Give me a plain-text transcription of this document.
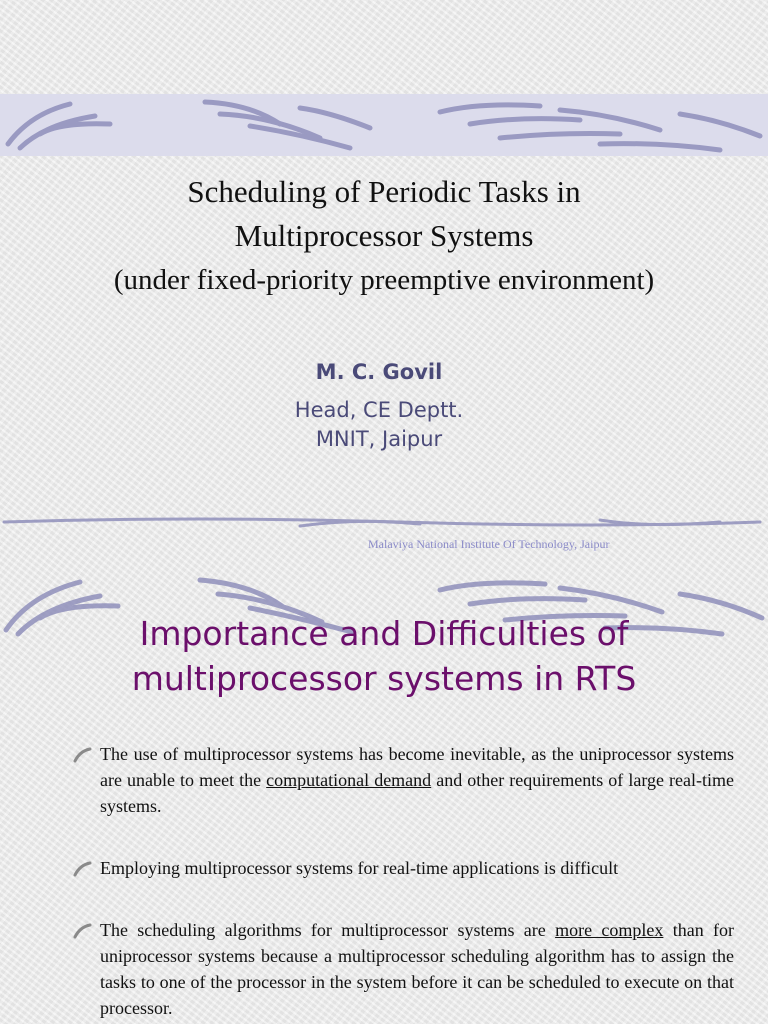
Scheduling of Periodic Tasks in
Multiprocessor Systems
(under fixed-priority preemptive environment)
M. C. Govil
Head, CE Deptt.
MNIT, Jaipur
Malaviya National Institute Of Technology, Jaipur
Importance and Difficulties of
multiprocessor systems in RTS
The use of multiprocessor systems has become inevitable, as the uniprocessor systems are unable to meet the computational demand and other requirements of large real-time systems.
Employing multiprocessor systems for real-time applications is difficult
The scheduling algorithms for multiprocessor systems are more complex than for uniprocessor systems because a multiprocessor scheduling algorithm has to assign the tasks to one of the processor in the system before it can be scheduled to execute on that processor.
